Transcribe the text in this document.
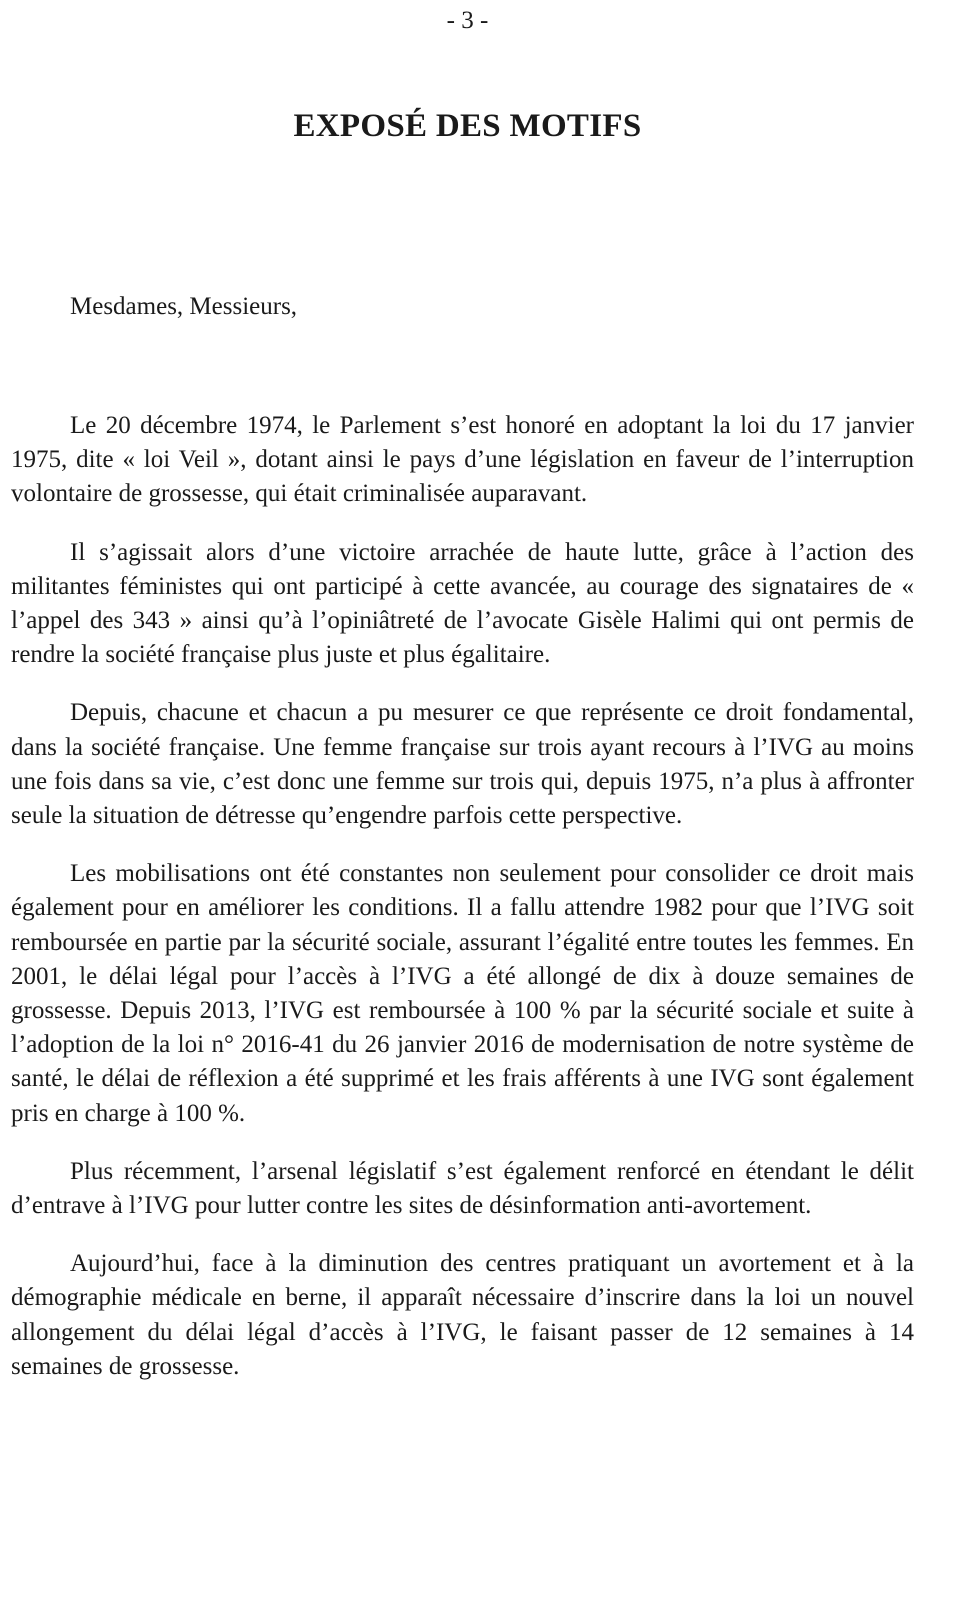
- 3 -
EXPOSÉ DES MOTIFS
Mesdames, Messieurs,

Le 20 décembre 1974, le Parlement s’est honoré en adoptant la loi du 17 janvier 1975, dite « loi Veil », dotant ainsi le pays d’une législation en faveur de l’interruption volontaire de grossesse, qui était criminalisée auparavant.

Il s’agissait alors d’une victoire arrachée de haute lutte, grâce à l’action des militantes féministes qui ont participé à cette avancée, au courage des signataires de « l’appel des 343 » ainsi qu’à l’opiniâtreté de l’avocate Gisèle Halimi qui ont permis de rendre la société française plus juste et plus égalitaire.

Depuis, chacune et chacun a pu mesurer ce que représente ce droit fondamental, dans la société française. Une femme française sur trois ayant recours à l’IVG au moins une fois dans sa vie, c’est donc une femme sur trois qui, depuis 1975, n’a plus à affronter seule la situation de détresse qu’engendre parfois cette perspective.

Les mobilisations ont été constantes non seulement pour consolider ce droit mais également pour en améliorer les conditions. Il a fallu attendre 1982 pour que l’IVG soit remboursée en partie par la sécurité sociale, assurant l’égalité entre toutes les femmes. En 2001, le délai légal pour l’accès à l’IVG a été allongé de dix à douze semaines de grossesse. Depuis 2013, l’IVG est remboursée à 100 % par la sécurité sociale et suite à l’adoption de la loi n° 2016-41 du 26 janvier 2016 de modernisation de notre système de santé, le délai de réflexion a été supprimé et les frais afférents à une IVG sont également pris en charge à 100 %.

Plus récemment, l’arsenal législatif s’est également renforcé en étendant le délit d’entrave à l’IVG pour lutter contre les sites de désinformation anti-avortement.

Aujourd’hui, face à la diminution des centres pratiquant un avortement et à la démographie médicale en berne, il apparaît nécessaire d’inscrire dans la loi un nouvel allongement du délai légal d’accès à l’IVG, le faisant passer de 12 semaines à 14 semaines de grossesse.
